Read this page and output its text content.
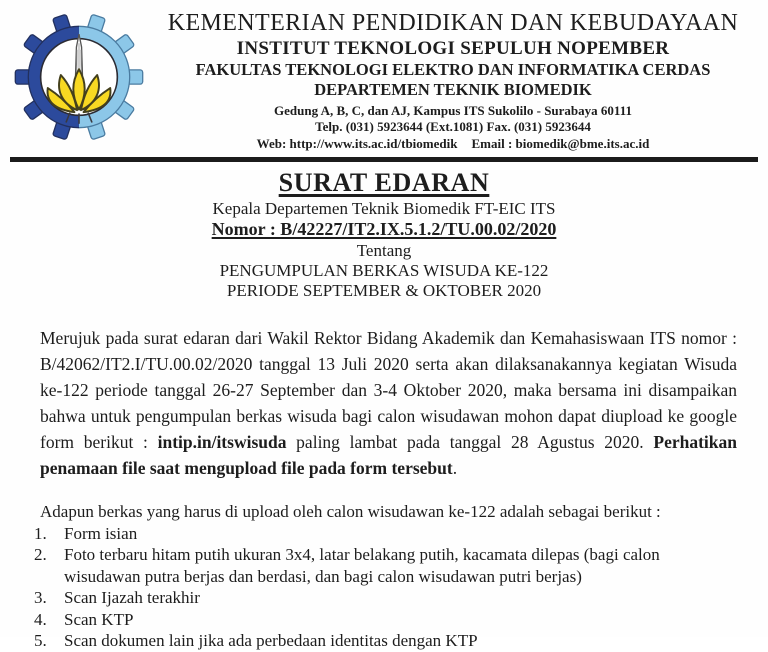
KEMENTERIAN PENDIDIKAN DAN KEBUDAYAAN
INSTITUT TEKNOLOGI SEPULUH NOPEMBER
FAKULTAS TEKNOLOGI ELEKTRO DAN INFORMATIKA CERDAS
DEPARTEMEN TEKNIK BIOMEDIK
Gedung A, B, C, dan AJ, Kampus ITS Sukolilo - Surabaya 60111
Telp. (031) 5923644 (Ext.1081) Fax. (031) 5923644
Web: http://www.its.ac.id/tbiomedik Email : biomedik@bme.its.ac.id
SURAT EDARAN
Kepala Departemen Teknik Biomedik FT-EIC ITS
Nomor : B/42227/IT2.IX.5.1.2/TU.00.02/2020
Tentang
PENGUMPULAN BERKAS WISUDA KE-122
PERIODE SEPTEMBER & OKTOBER 2020

Merujuk pada surat edaran dari Wakil Rektor Bidang Akademik dan Kemahasiswaan ITS nomor : B/42062/IT2.I/TU.00.02/2020 tanggal 13 Juli 2020 serta akan dilaksanakannya kegiatan Wisuda ke-122 periode tanggal 26-27 September dan 3-4 Oktober 2020, maka bersama ini disampaikan bahwa untuk pengumpulan berkas wisuda bagi calon wisudawan mohon dapat diupload ke google form berikut : intip.in/itswisuda paling lambat pada tanggal 28 Agustus 2020. Perhatikan penamaan file saat mengupload file pada form tersebut.

Adapun berkas yang harus di upload oleh calon wisudawan ke-122 adalah sebagai berikut :
1.	Form isian
2.	Foto terbaru hitam putih ukuran 3x4, latar belakang putih, kacamata dilepas (bagi calon wisudawan putra berjas dan berdasi, dan bagi calon wisudawan putri berjas)
3.	Scan Ijazah terakhir
4.	Scan KTP
5.	Scan dokumen lain jika ada perbedaan identitas dengan KTP
